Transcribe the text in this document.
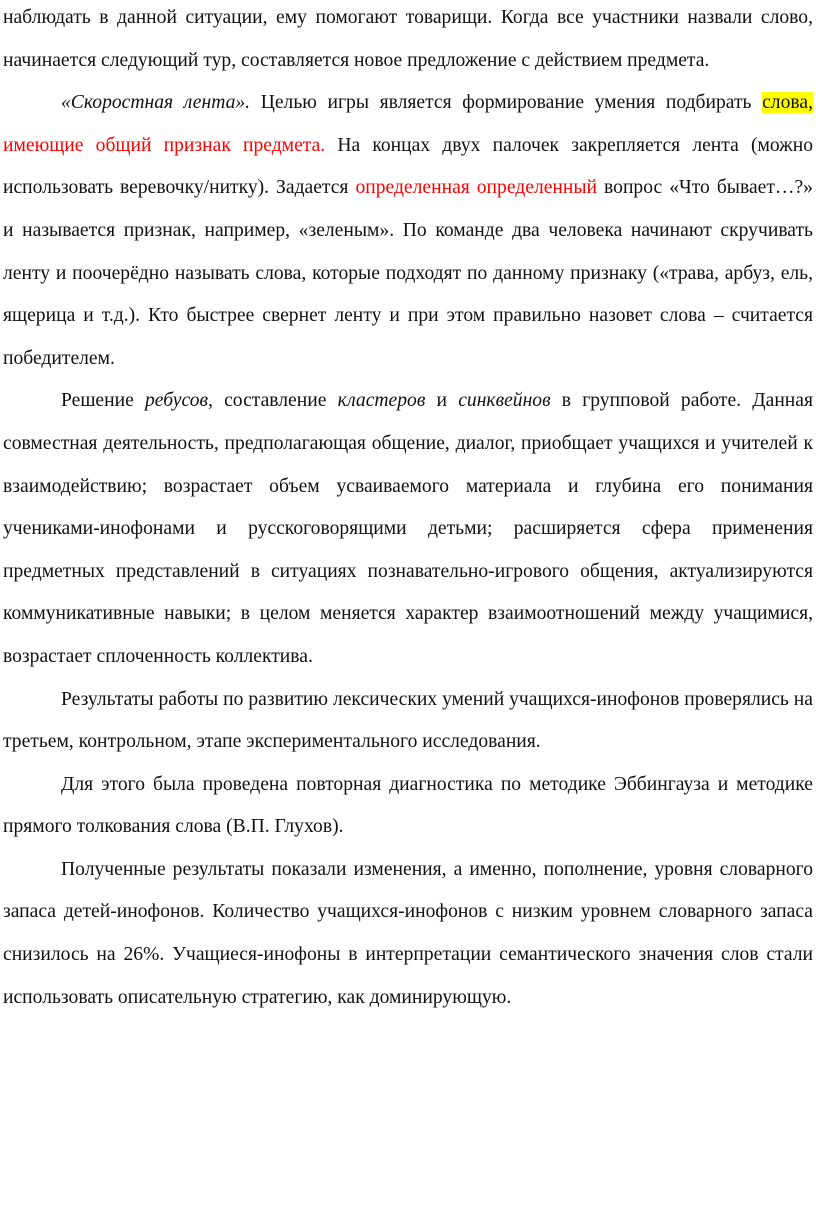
наблюдать в данной ситуации, ему помогают товарищи. Когда все участники назвали слово, начинается следующий тур, составляется новое предложение с действием предмета.

«Скоростная лента». Целью игры является формирование умения подбирать слова, имеющие общий признак предмета. На концах двух палочек закрепляется лента (можно использовать веревочку/нитку). Задается определенная определенный вопрос «Что бывает…?» и называется признак, например, «зеленым». По команде два человека начинают скручивать ленту и поочерёдно называть слова, которые подходят по данному признаку («трава, арбуз, ель, ящерица и т.д.). Кто быстрее свернет ленту и при этом правильно назовет слова – считается победителем.

Решение ребусов, составление кластеров и синквейнов в групповой работе. Данная совместная деятельность, предполагающая общение, диалог, приобщает учащихся и учителей к взаимодействию; возрастает объем усваиваемого материала и глубина его понимания учениками-инофонами и русскоговорящими детьми; расширяется сфера применения предметных представлений в ситуациях познавательно-игрового общения, актуализируются коммуникативные навыки; в целом меняется характер взаимоотношений между учащимися, возрастает сплоченность коллектива.

Результаты работы по развитию лексических умений учащихся-инофонов проверялись на третьем, контрольном, этапе экспериментального исследования.

Для этого была проведена повторная диагностика по методике Эббингауза и методике прямого толкования слова (В.П. Глухов).

Полученные результаты показали изменения, а именно, пополнение, уровня словарного запаса детей-инофонов. Количество учащихся-инофонов с низким уровнем словарного запаса снизилось на 26%. Учащиеся-инофоны в интерпретации семантического значения слов стали использовать описательную стратегию, как доминирующую.
